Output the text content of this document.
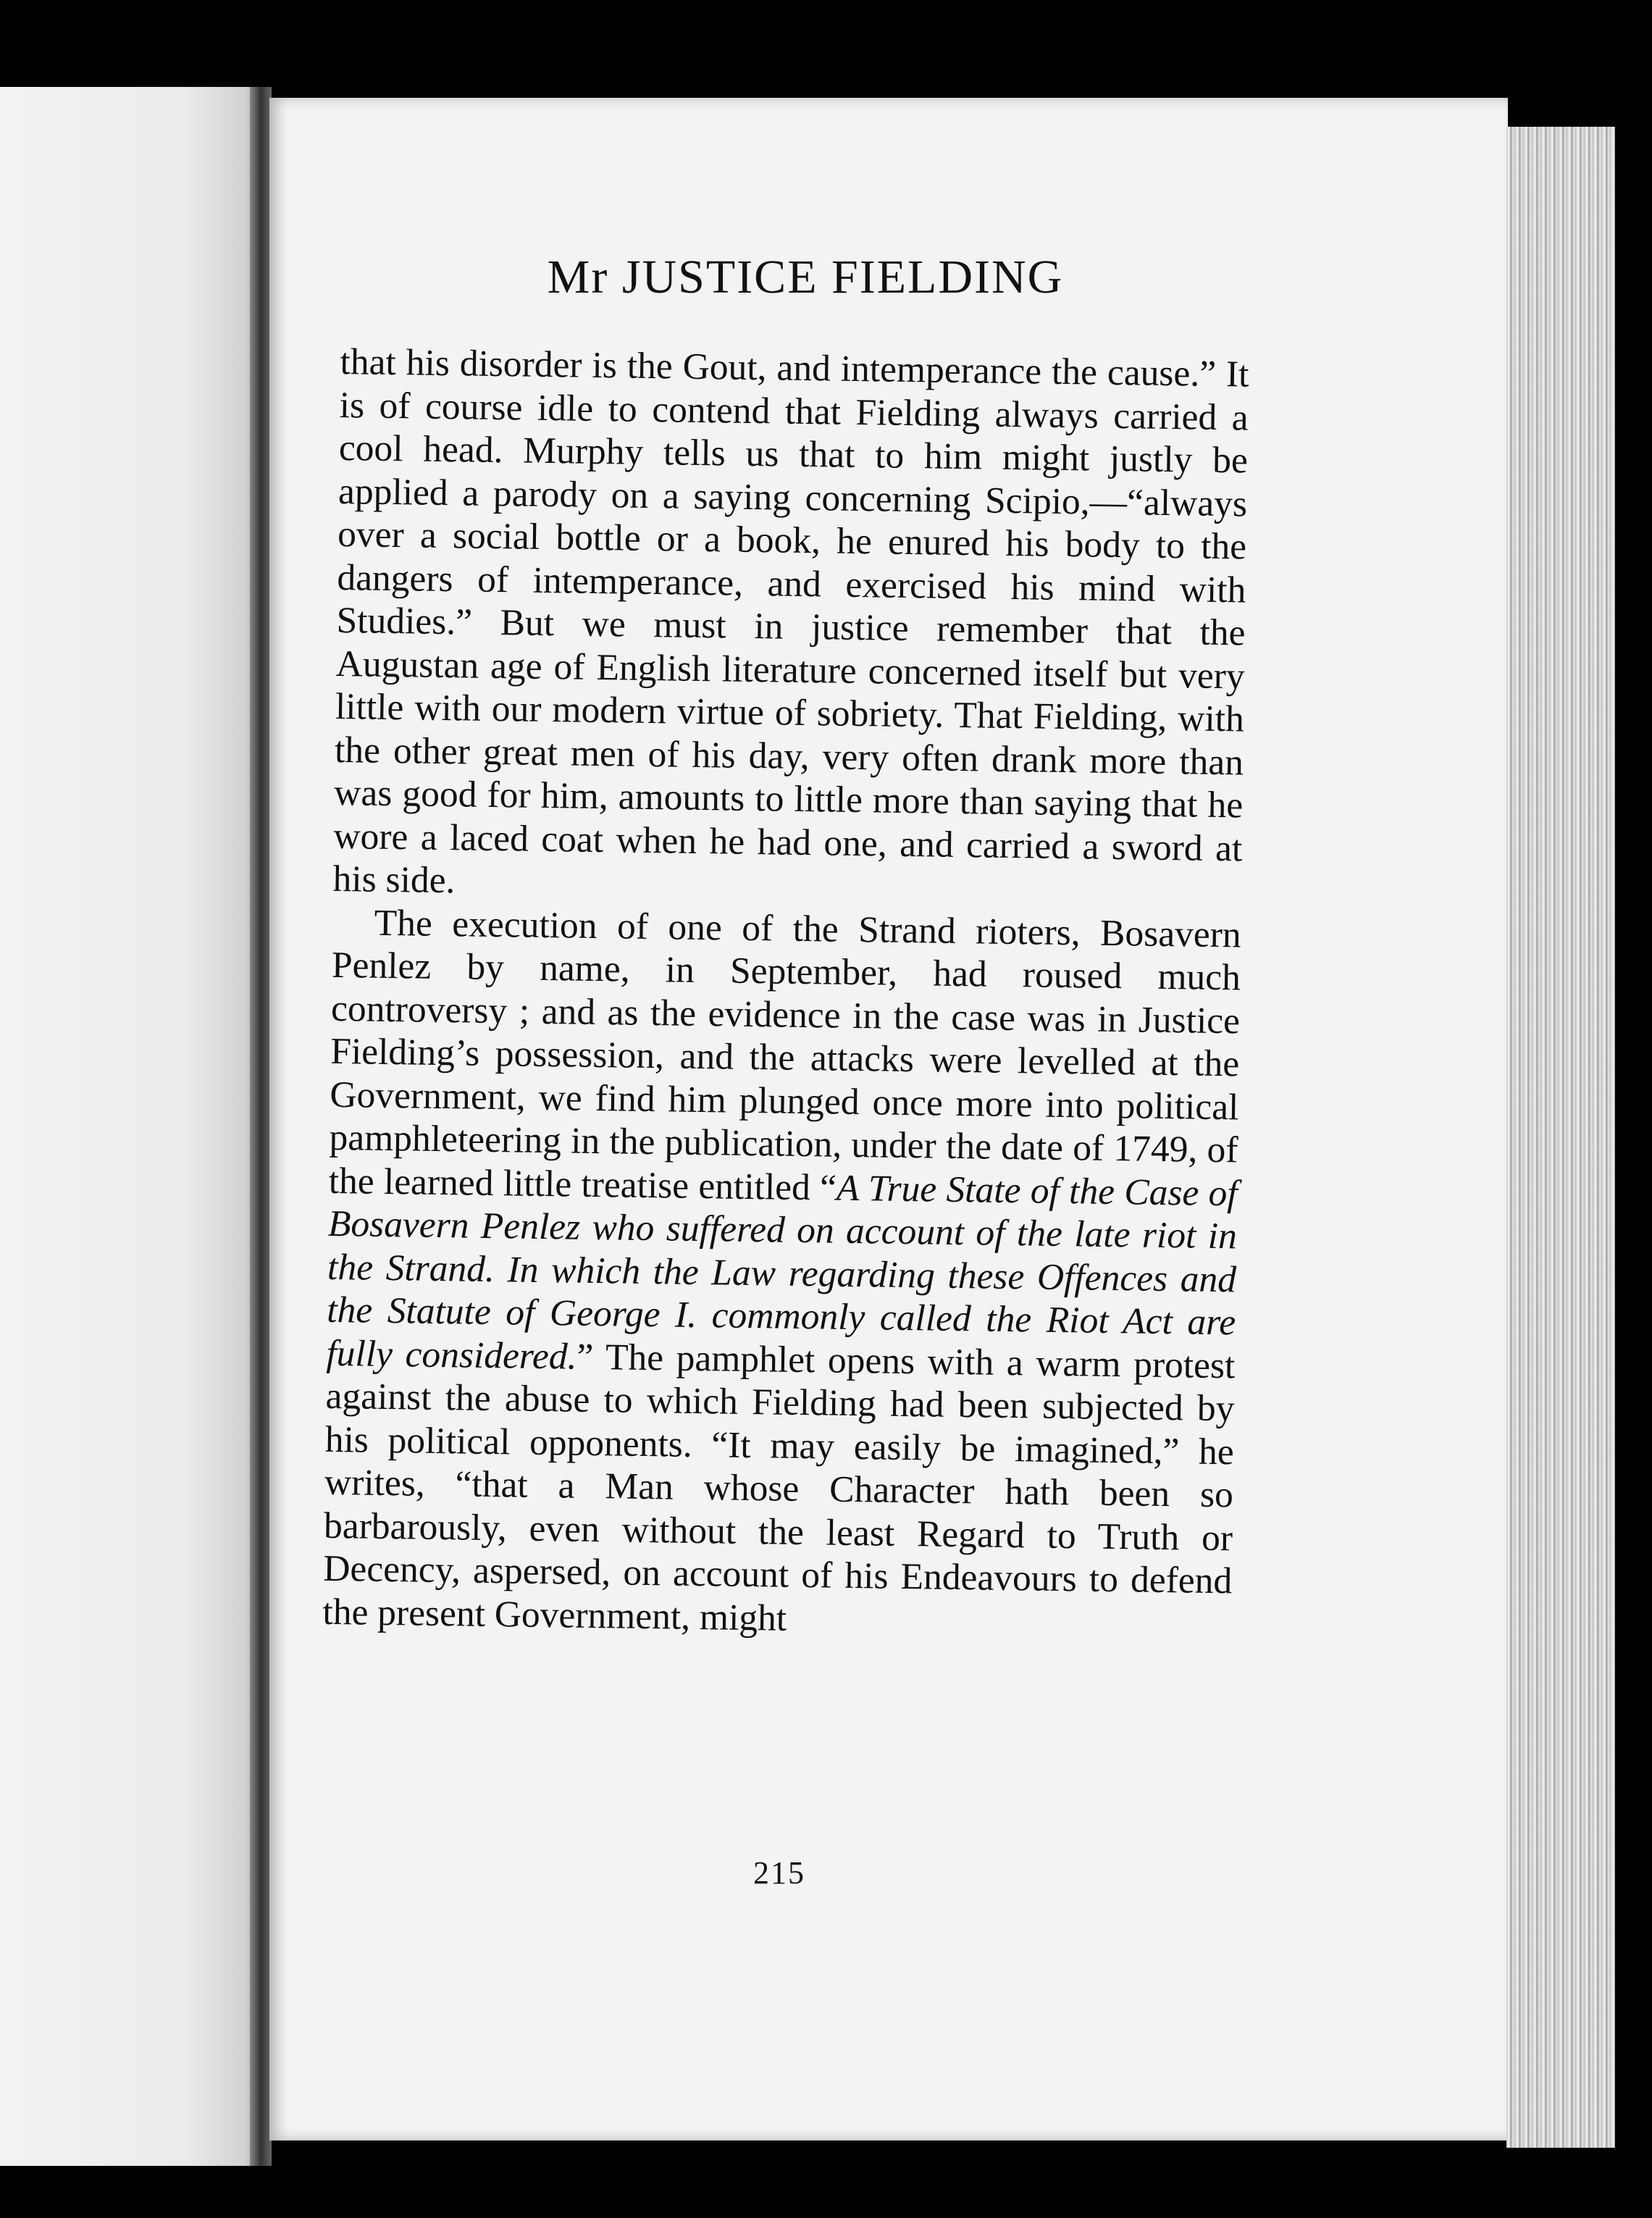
Mr JUSTICE FIELDING

that his disorder is the Gout, and intemperance the cause.” It is of course idle to contend that Fielding always carried a cool head. Murphy tells us that to him might justly be applied a parody on a saying concerning Scipio,—“always over a social bottle or a book, he enured his body to the dangers of intemperance, and exercised his mind with Studies.” But we must in justice remember that the Augustan age of English literature concerned itself but very little with our modern virtue of sobriety. That Fielding, with the other great men of his day, very often drank more than was good for him, amounts to little more than saying that he wore a laced coat when he had one, and carried a sword at his side.

The execution of one of the Strand rioters, Bosavern Penlez by name, in September, had roused much controversy ; and as the evidence in the case was in Justice Fielding’s possession, and the attacks were levelled at the Government, we find him plunged once more into political pamphleteering in the publication, under the date of 1749, of the learned little treatise entitled “A True State of the Case of Bosavern Penlez who suffered on account of the late riot in the Strand. In which the Law regarding these Offences and the Statute of George I. commonly called the Riot Act are fully considered.” The pamphlet opens with a warm protest against the abuse to which Fielding had been subjected by his political opponents. “It may easily be imagined,” he writes, “that a Man whose Character hath been so barbarously, even without the least Regard to Truth or Decency, aspersed, on account of his Endeavours to defend the present Government, might

215
